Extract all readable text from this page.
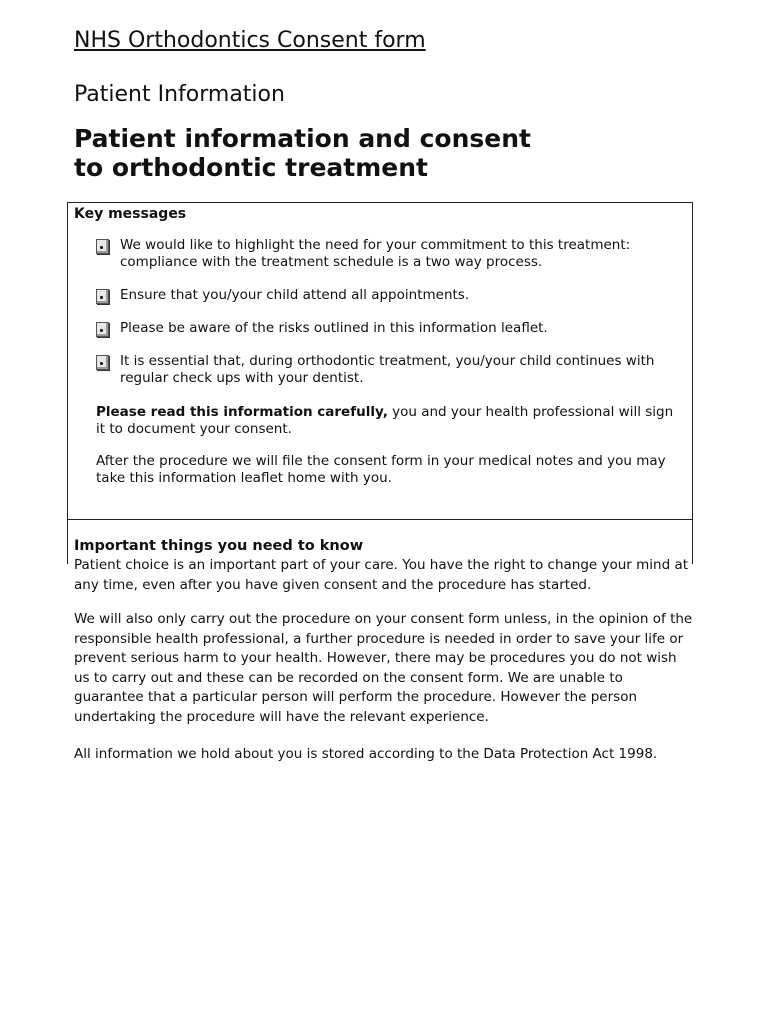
NHS Orthodontics Consent form
Patient Information
Patient information and consent
to orthodontic treatment
Key messages
We would like to highlight the need for your commitment to this treatment: compliance with the treatment schedule is a two way process.
Ensure that you/your child attend all appointments.
Please be aware of the risks outlined in this information leaflet.
It is essential that, during orthodontic treatment, you/your child continues with regular check ups with your dentist.
Please read this information carefully, you and your health professional will sign it to document your consent.
After the procedure we will file the consent form in your medical notes and you may take this information leaflet home with you.
Important things you need to know
Patient choice is an important part of your care. You have the right to change your mind at any time, even after you have given consent and the procedure has started.
We will also only carry out the procedure on your consent form unless, in the opinion of the responsible health professional, a further procedure is needed in order to save your life or prevent serious harm to your health. However, there may be procedures you do not wish us to carry out and these can be recorded on the consent form. We are unable to guarantee that a particular person will perform the procedure. However the person undertaking the procedure will have the relevant experience.
All information we hold about you is stored according to the Data Protection Act 1998.
